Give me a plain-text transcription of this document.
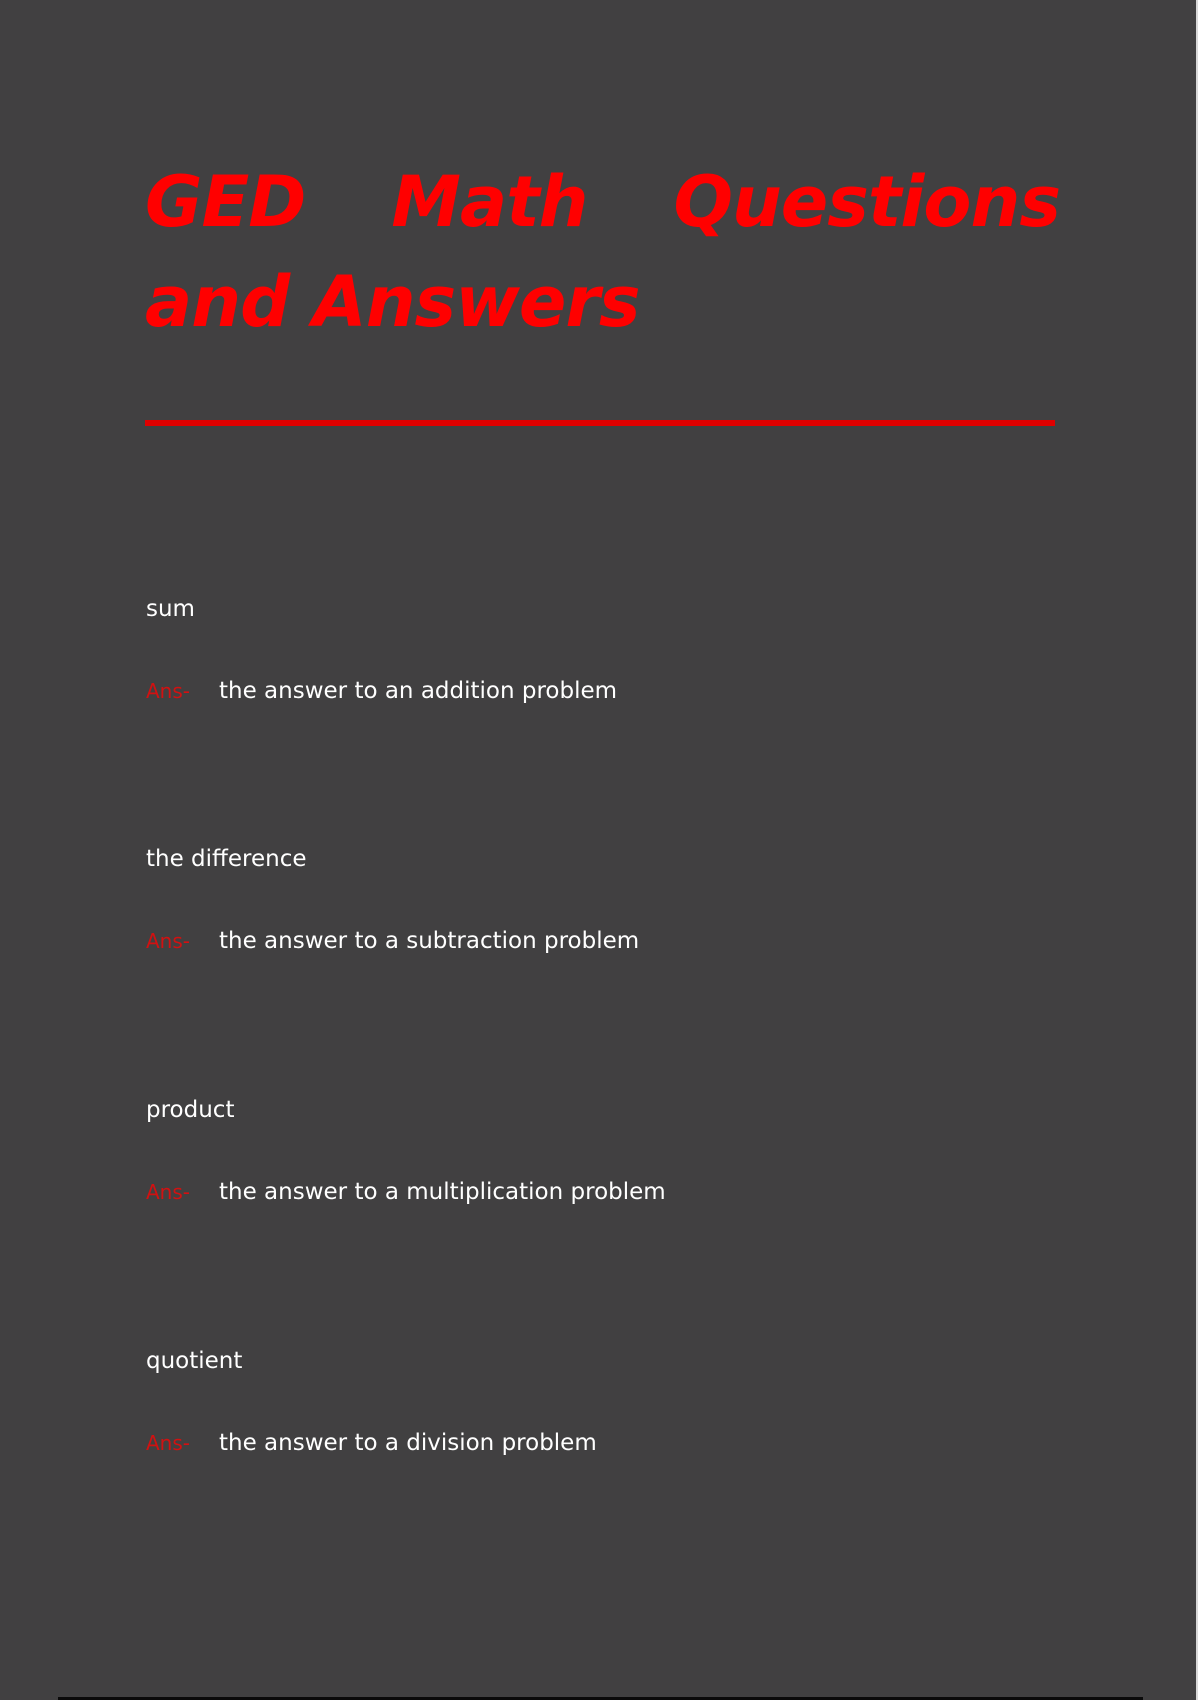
GED Math Questions and Answers
sum
Ans- the answer to an addition problem
the difference
Ans- the answer to a subtraction problem
product
Ans- the answer to a multiplication problem
quotient
Ans- the answer to a division problem
